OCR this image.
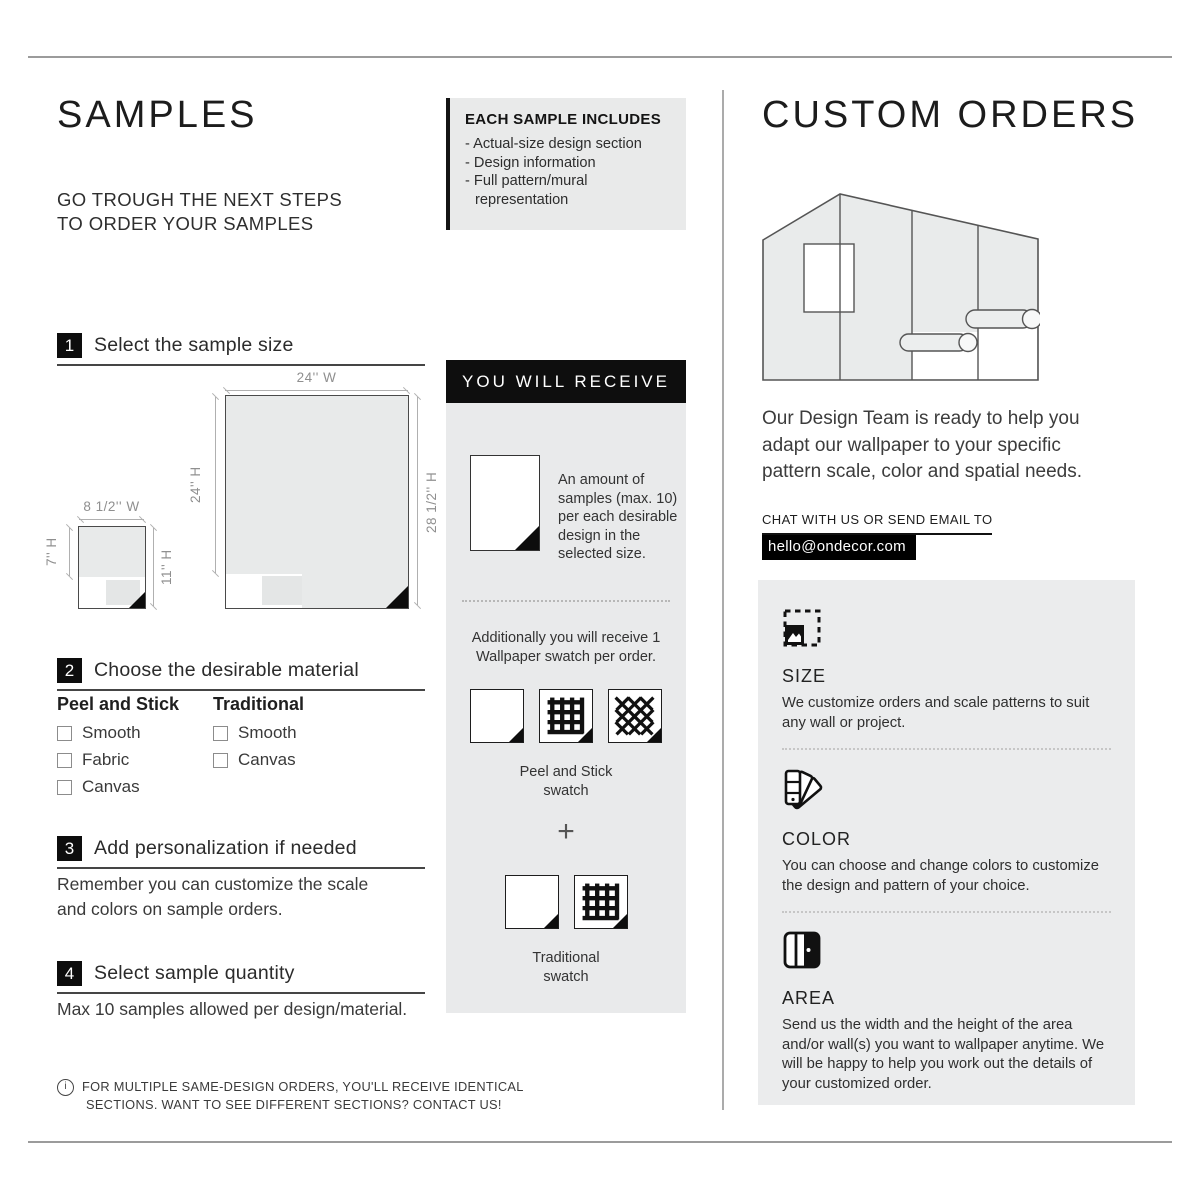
SAMPLES
GO TROUGH THE NEXT STEPS
TO ORDER YOUR SAMPLES
1	Select the sample size
24'' W
24'' H	28 1/2'' H
8 1/2'' W
7'' H	11'' H
2	Choose the desirable material
Peel and Stick
Smooth
Fabric
Canvas
Traditional
Smooth
Canvas
3	Add personalization if needed
Remember you can customize the scale
and colors on sample orders.
4	Select sample quantity
Max 10 samples allowed per design/material.
i	FOR MULTIPLE SAME-DESIGN ORDERS, YOU'LL RECEIVE IDENTICAL
SECTIONS. WANT TO SEE DIFFERENT SECTIONS? CONTACT US!
EACH SAMPLE INCLUDES
- Actual-size design section
- Design information
- Full pattern/mural representation
YOU WILL RECEIVE
An amount of samples (max. 10) per each desirable design in the selected size.
Additionally you will receive 1 Wallpaper swatch per order.
Peel and Stick
swatch
+
Traditional
swatch
CUSTOM ORDERS
Our Design Team is ready to help you
adapt our wallpaper to your specific
pattern scale, color and spatial needs.
CHAT WITH US OR SEND EMAIL TO
hello@ondecor.com
SIZE
We customize orders and scale patterns to suit any wall or project.
COLOR
You can choose and change colors to customize the design and pattern of your choice.
AREA
Send us the width and the height of the area and/or wall(s) you want to wallpaper anytime. We will be happy to help you work out the details of your customized order.
